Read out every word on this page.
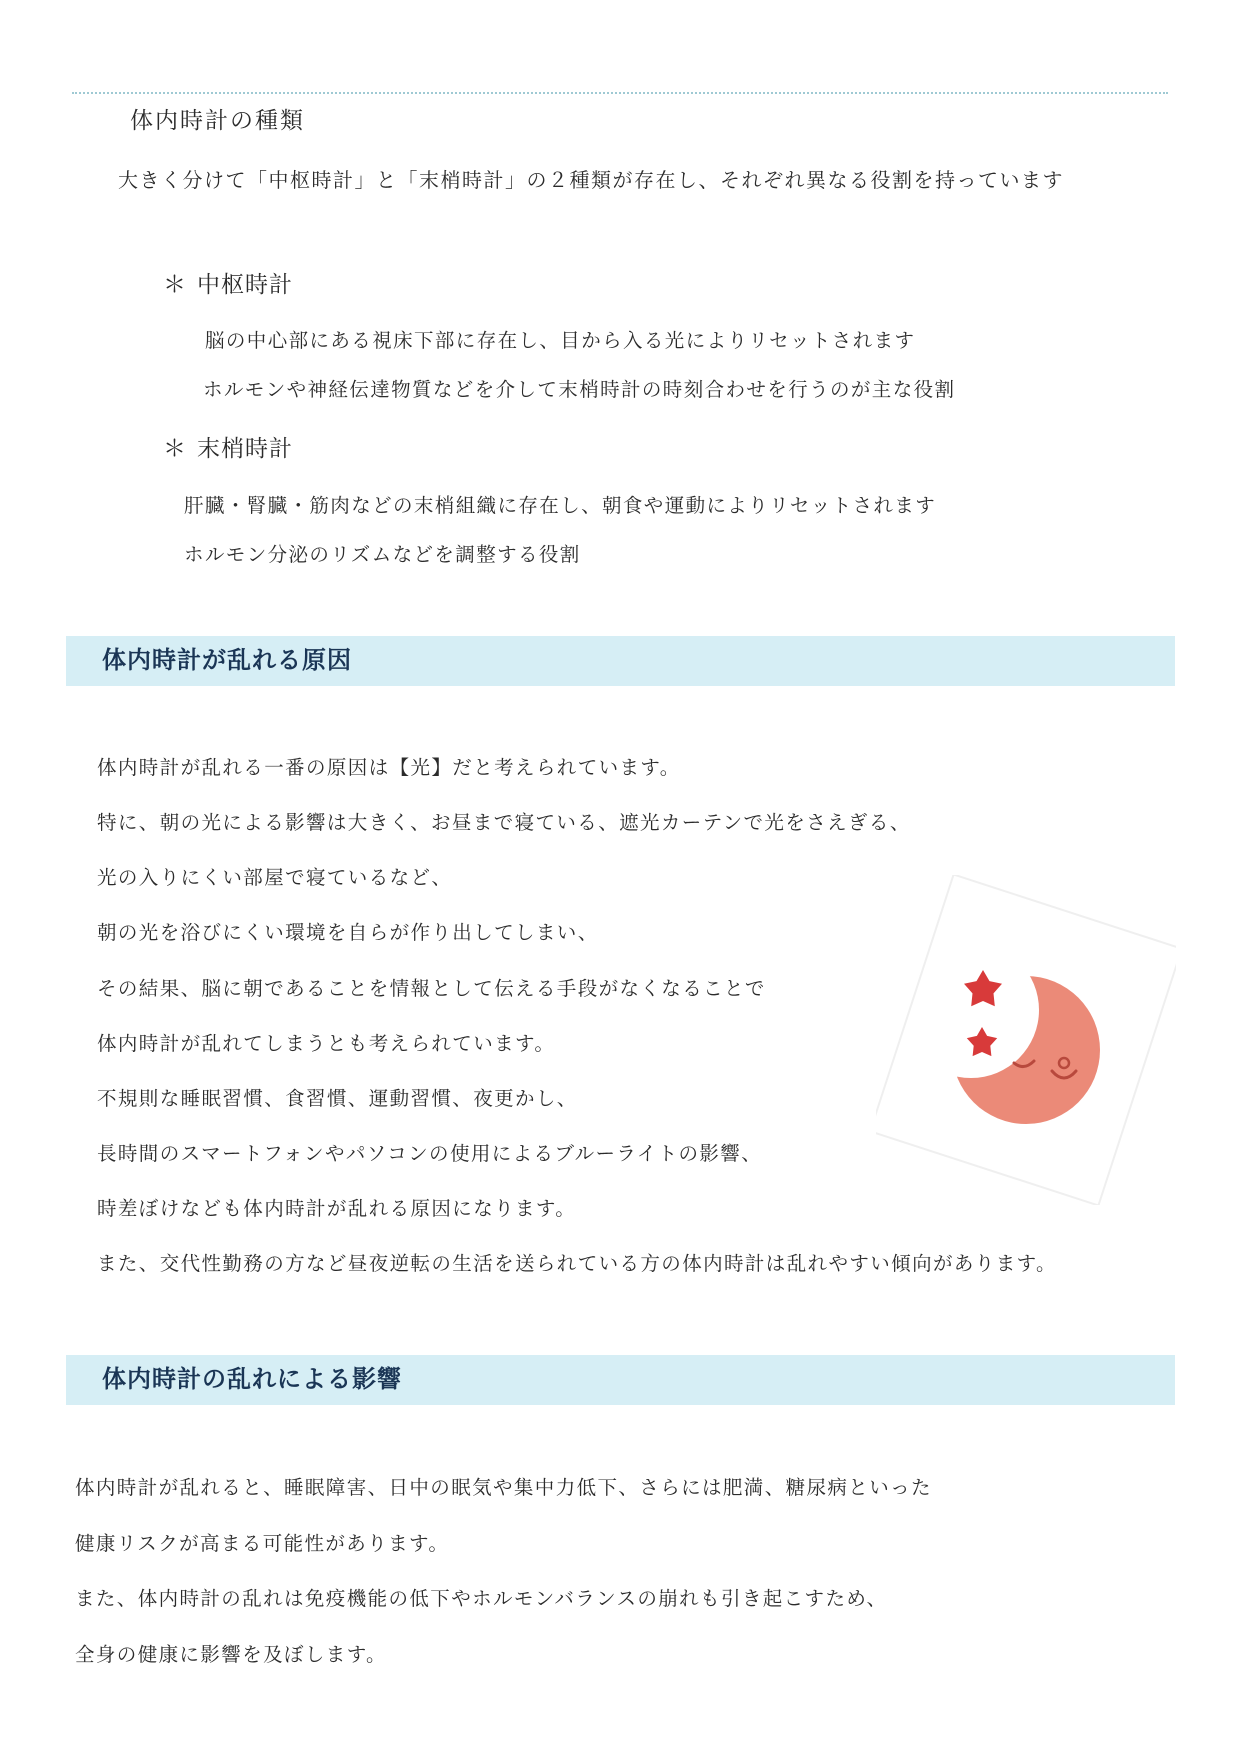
体内時計の種類
大きく分けて「中枢時計」と「末梢時計」の２種類が存在し、それぞれ異なる役割を持っています
＊ 中枢時計
脳の中心部にある視床下部に存在し、目から入る光によりリセットされます
ホルモンや神経伝達物質などを介して末梢時計の時刻合わせを行うのが主な役割
＊ 末梢時計
肝臓・腎臓・筋肉などの末梢組織に存在し、朝食や運動によりリセットされます
ホルモン分泌のリズムなどを調整する役割
体内時計が乱れる原因
体内時計が乱れる一番の原因は【光】だと考えられています。
特に、朝の光による影響は大きく、お昼まで寝ている、遮光カーテンで光をさえぎる、
光の入りにくい部屋で寝ているなど、
朝の光を浴びにくい環境を自らが作り出してしまい、
その結果、脳に朝であることを情報として伝える手段がなくなることで
体内時計が乱れてしまうとも考えられています。
不規則な睡眠習慣、食習慣、運動習慣、夜更かし、
長時間のスマートフォンやパソコンの使用によるブルーライトの影響、
時差ぼけなども体内時計が乱れる原因になります。
また、交代性勤務の方など昼夜逆転の生活を送られている方の体内時計は乱れやすい傾向があります。
体内時計の乱れによる影響
体内時計が乱れると、睡眠障害、日中の眠気や集中力低下、さらには肥満、糖尿病といった
健康リスクが高まる可能性があります。
また、体内時計の乱れは免疫機能の低下やホルモンバランスの崩れも引き起こすため、
全身の健康に影響を及ぼします。
